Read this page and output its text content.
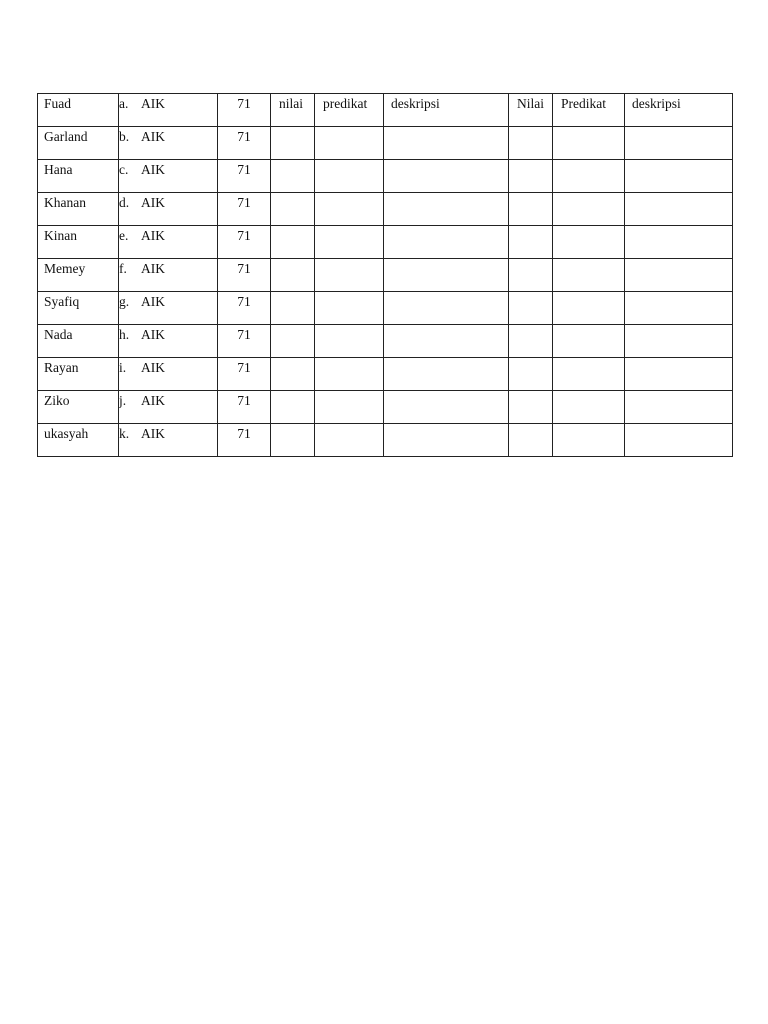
Fuad	a. AIK	71	nilai	predikat	deskripsi	Nilai	Predikat	deskripsi

Garland	b. AIK	71						

Hana	c. AIK	71						

Khanan	d. AIK	71						

Kinan	e. AIK	71						

Memey	f. AIK	71						

Syafiq	g. AIK	71						

Nada	h. AIK	71						

Rayan	i. AIK	71						

Ziko	j. AIK	71						

ukasyah	k. AIK	71						
